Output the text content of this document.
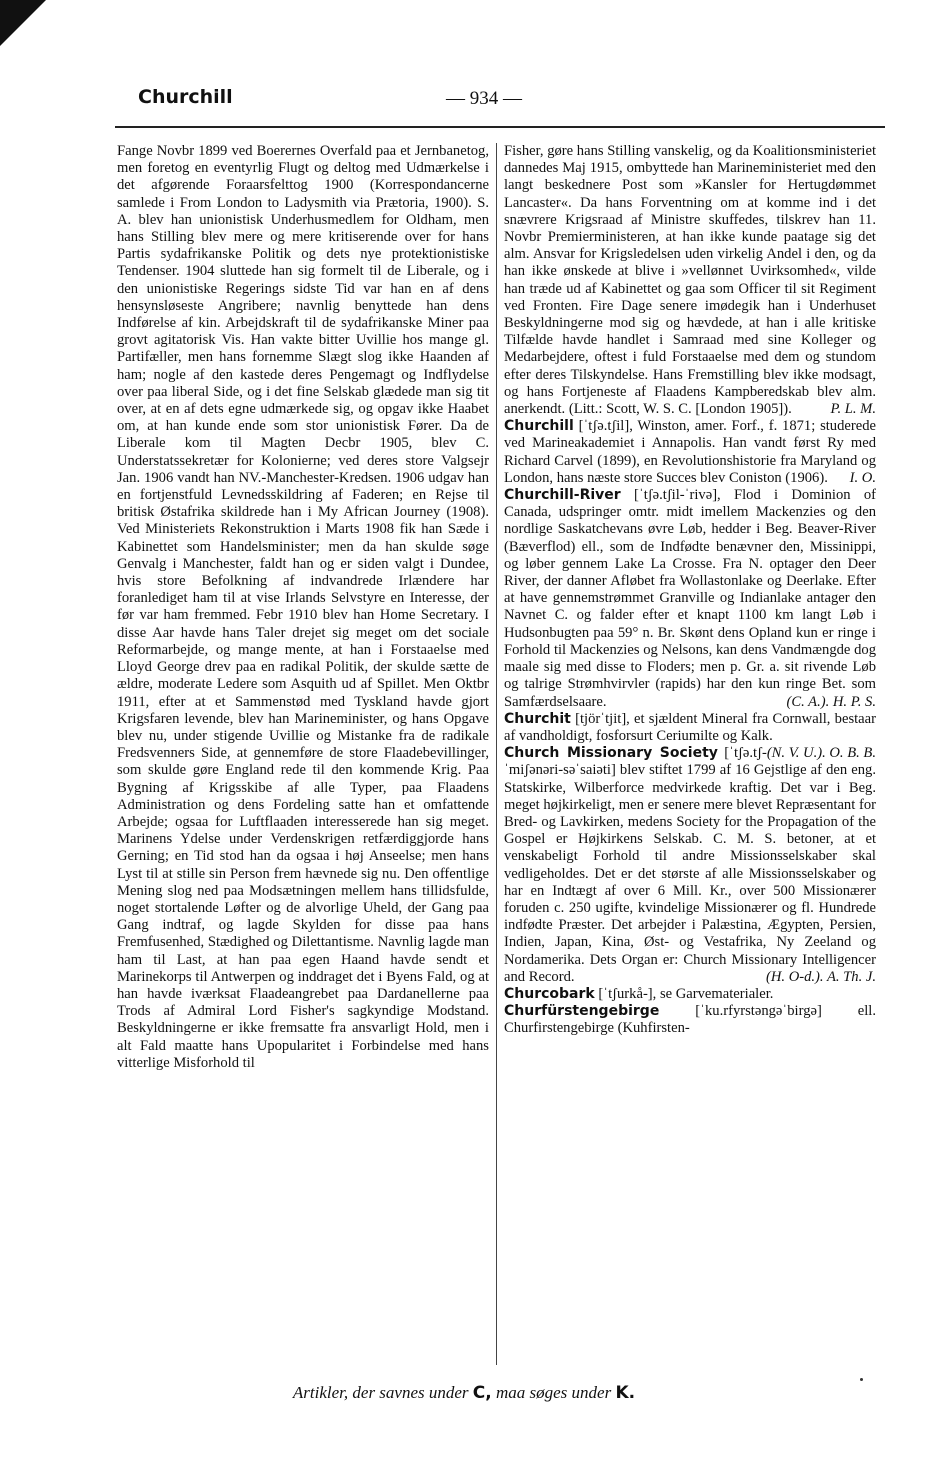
Churchill	— 934 —

Fange Novbr 1899 ved Boerernes Overfald paa et Jernbanetog, men foretog en eventyrlig Flugt og deltog med Udmærkelse i det afgørende Foraarsfelttog 1900 (Korrespondancerne samlede i From London to Ladysmith via Prætoria, 1900). S. A. blev han unionistisk Underhusmedlem for Oldham, men hans Stilling blev mere og mere kritiserende over for hans Partis sydafrikanske Politik og dets nye protektionistiske Tendenser. 1904 sluttede han sig formelt til de Liberale, og i den unionistiske Regerings sidste Tid var han en af dens hensynsløseste Angribere; navnlig benyttede han dens Indførelse af kin. Arbejdskraft til de sydafrikanske Miner paa grovt agitatorisk Vis. Han vakte bitter Uvillie hos mange gl. Partifæller, men hans fornemme Slægt slog ikke Haanden af ham; nogle af den kastede deres Pengemagt og Indflydelse over paa liberal Side, og i det fine Selskab glædede man sig tit over, at en af dets egne udmærkede sig, og opgav ikke Haabet om, at han kunde ende som stor unionistisk Fører. Da de Liberale kom til Magten Decbr 1905, blev C. Understatssekretær for Kolonierne; ved deres store Valgsejr Jan. 1906 vandt han NV.-Manchester-Kredsen. 1906 udgav han en fortjenstfuld Levnedsskildring af Faderen; en Rejse til britisk Østafrika skildrede han i My African Journey (1908). Ved Ministeriets Rekonstruktion i Marts 1908 fik han Sæde i Kabinettet som Handelsminister; men da han skulde søge Genvalg i Manchester, faldt han og er siden valgt i Dundee, hvis store Befolkning af indvandrede Irlændere har foranlediget ham til at vise Irlands Selvstyre en Interesse, der før var ham fremmed. Febr 1910 blev han Home Secretary. I disse Aar havde hans Taler drejet sig meget om det sociale Reformarbejde, og mange mente, at han i Forstaaelse med Lloyd George drev paa en radikal Politik, der skulde sætte de ældre, moderate Ledere som Asquith ud af Spillet. Men Oktbr 1911, efter at et Sammenstød med Tyskland havde gjort Krigsfaren levende, blev han Marineminister, og hans Opgave blev nu, under stigende Uvillie og Mistanke fra de radikale Fredsvenners Side, at gennemføre de store Flaadebevillinger, som skulde gøre England rede til den kommende Krig. Paa Bygning af Krigsskibe af alle Typer, paa Flaadens Administration og dens Fordeling satte han et omfattende Arbejde; ogsaa for Luftflaaden interesserede han sig meget. Marinens Ydelse under Verdenskrigen retfærdiggjorde hans Gerning; en Tid stod han da ogsaa i høj Anseelse; men hans Lyst til at stille sin Person frem hævnede sig nu. Den offentlige Mening slog ned paa Modsætningen mellem hans tillidsfulde, noget stortalende Løfter og de alvorlige Uheld, der Gang paa Gang indtraf, og lagde Skylden for disse paa hans Fremfusenhed, Stædighed og Dilettantisme. Navnlig lagde man ham til Last, at han paa egen Haand havde sendt et Marinekorps til Antwerpen og inddraget det i Byens Fald, og at han havde iværksat Flaadeangrebet paa Dardanellerne paa Trods af Admiral Lord Fisher's sagkyndige Modstand. Beskyldningerne er ikke fremsatte fra ansvarligt Hold, men i alt Fald maatte hans Upopularitet i Forbindelse med hans vitterlige Misforhold til

Fisher, gøre hans Stilling vanskelig, og da Koalitionsministeriet dannedes Maj 1915, ombyttede han Marineministeriet med den langt beskednere Post som »Kansler for Hertugdømmet Lancaster«. Da hans Forventning om at komme ind i det snævrere Krigsraad af Ministre skuffedes, tilskrev han 11. Novbr Premierministeren, at han ikke kunde paatage sig det alm. Ansvar for Krigsledelsen uden virkelig Andel i den, og da han ikke ønskede at blive i »vellønnet Uvirksomhed«, vilde han træde ud af Kabinettet og gaa som Officer til sit Regiment ved Fronten. Fire Dage senere imødegik han i Underhuset Beskyldningerne mod sig og hævdede, at han i alle kritiske Tilfælde havde handlet i Samraad med sine Kolleger og Medarbejdere, oftest i fuld Forstaaelse med dem og stundom efter deres Tilskyndelse. Hans Fremstilling blev ikke modsagt, og hans Fortjeneste af Flaadens Kampberedskab blev alm. anerkendt. (Litt.: Scott, W. S. C. [London 1905]).	P. L. M.

Churchill [ˈtʃə.tʃil], Winston, amer. Forf., f. 1871; studerede ved Marineakademiet i Annapolis. Han vandt først Ry med Richard Carvel (1899), en Revolutionshistorie fra Maryland og London, hans næste store Succes blev Coniston (1906). I. O.

Churchill-River [ˈtʃə.tʃil-ˈrivə], Flod i Dominion of Canada, udspringer omtr. midt imellem Mackenzies og den nordlige Saskatchevans øvre Løb, hedder i Beg. Beaver-River (Bæverflod) ell., som de Indfødte benævner den, Missinippi, og løber gennem Lake La Crosse. Fra N. optager den Deer River, der danner Afløbet fra Wollastonlake og Deerlake. Efter at have gennemstrømmet Granville og Indianlake antager den Navnet C. og falder efter et knapt 1100 km langt Løb i Hudsonbugten paa 59° n. Br. Skønt dens Opland kun er ringe i Forhold til Mackenzies og Nelsons, kan dens Vandmængde dog maale sig med disse to Floders; men p. Gr. a. sit rivende Løb og talrige Strømhvirvler (rapids) har den kun ringe Bet. som Samfærdselsaare.	(C. A.). H. P. S.

Churchit [tjörˈtjit], et sjældent Mineral fra Cornwall, bestaar af vandholdigt, fosforsurt Ceriumilte og Kalk.
(N. V. U.). O. B. B.

Church Missionary Society [ˈtʃə.tʃ-ˈmiʃənəri-səˈsaiəti] blev stiftet 1799 af 16 Gejstlige af den eng. Statskirke, Wilberforce medvirkede kraftig. Det var i Beg. meget højkirkeligt, men er senere mere blevet Repræsentant for Bred- og Lavkirken, medens Society for the Propagation of the Gospel er Højkirkens Selskab. C. M. S. betoner, at et venskabeligt Forhold til andre Missionsselskaber skal vedligeholdes. Det er det største af alle Missionsselskaber og har en Indtægt af over 6 Mill. Kr., over 500 Missionærer foruden c. 250 ugifte, kvindelige Missionærer og fl. Hundrede indfødte Præster. Det arbejder i Palæstina, Ægypten, Persien, Indien, Japan, Kina, Øst- og Vestafrika, Ny Zeeland og Nordamerika. Dets Organ er: Church Missionary Intelligencer and Record.	(H. O-d.). A. Th. J.

Churcobark [ˈtʃurkå-], se Garvematerialer.

Churfürstengebirge [ˈku.rfyrstəngəˈbirgə] ell. Churfirstengebirge (Kuhfirsten-

Artikler, der savnes under C, maa søges under K.
